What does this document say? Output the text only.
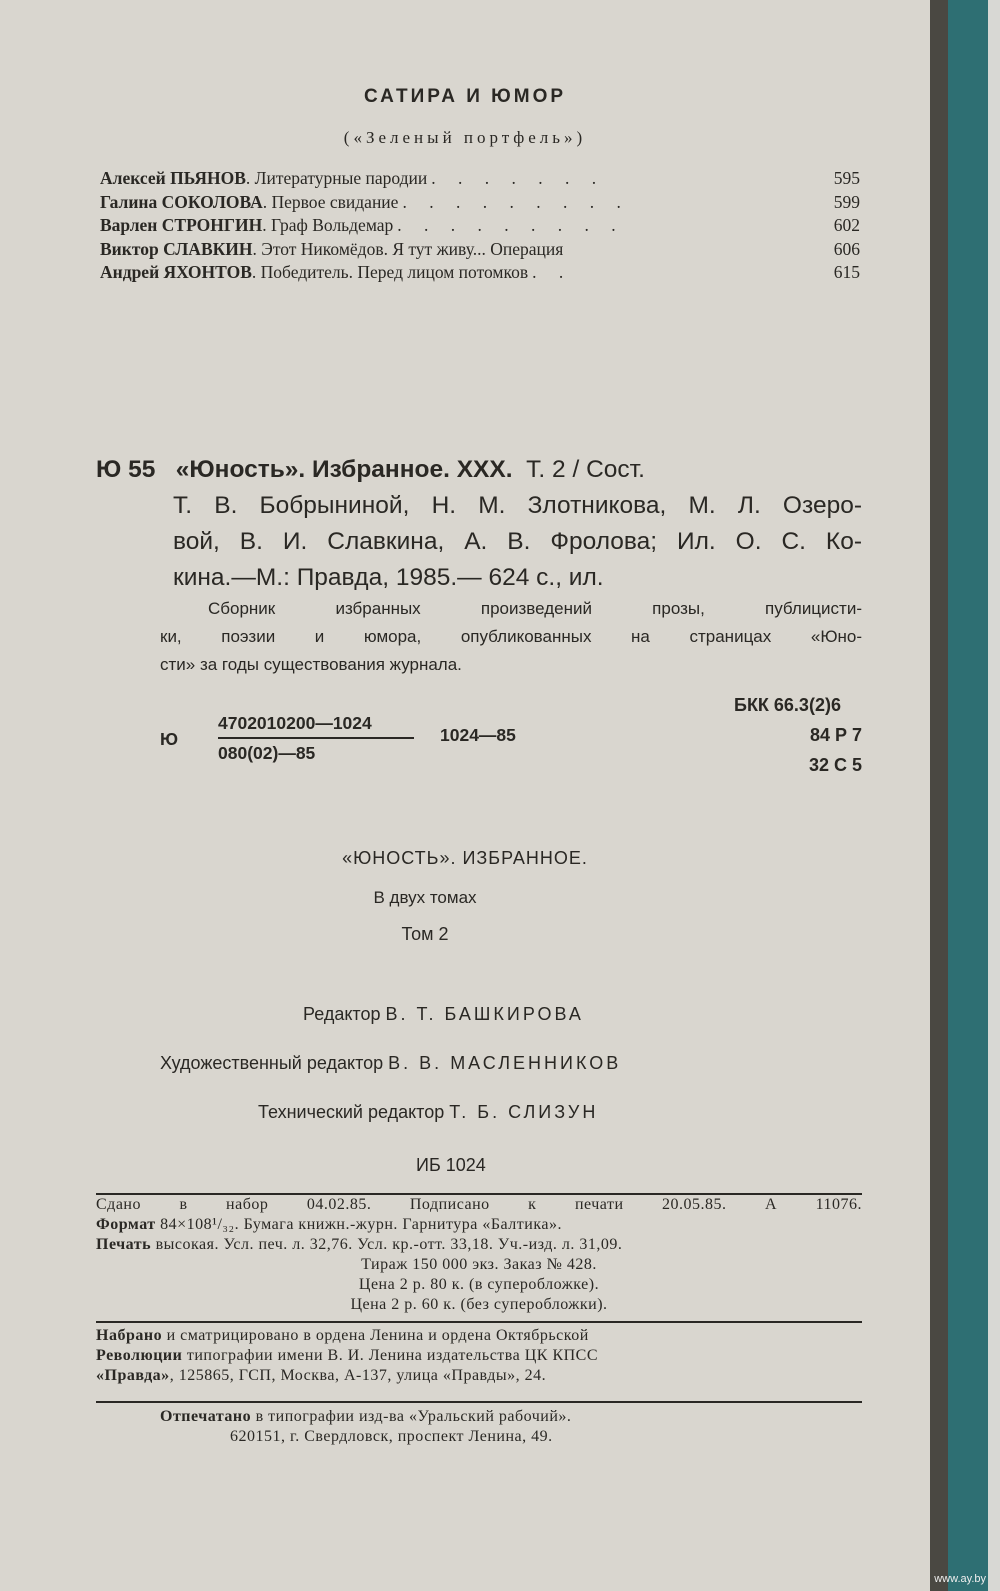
САТИРА И ЮМОР
(«Зеленый портфель»)
Алексей ПЬЯНОВ. Литературные пародии . . . . . . .	595
Галина СОКОЛОВА. Первое свидание . . . . . . . . .	599
Варлен СТРОНГИН. Граф Вольдемар . . . . . . . . .	602
Виктор СЛАВКИН. Этот Никомёдов. Я тут живу... Операция	606
Андрей ЯХОНТОВ. Победитель. Перед лицом потомков . .	615
Ю 55 «Юность». Избранное. XXX. Т. 2 / Сост.
Т. В. Бобрыниной, Н. М. Злотникова, М. Л. Озеро-
вой, В. И. Славкина, А. В. Фролова; Ил. О. С. Ко-
кина.—М.: Правда, 1985.— 624 с., ил.
Сборник избранных произведений прозы, публицисти-
ки, поэзии и юмора, опубликованных на страницах «Юно-
сти» за годы существования журнала.
Ю
4702010200—1024
080(02)—85
1024—85
БКК 66.3(2)6
84 Р 7
32 С 5
«ЮНОСТЬ». ИЗБРАННОЕ.
В двух томах
Том 2
Редактор В. Т. БАШКИРОВА
Художественный редактор В. В. МАСЛЕННИКОВ
Технический редактор Т. Б. СЛИЗУН
ИБ 1024
Сдано в набор 04.02.85. Подписано к печати 20.05.85. А 11076.
Формат 84×108¹/₃₂. Бумага книжн.-журн. Гарнитура «Балтика».
Печать высокая. Усл. печ. л. 32,76. Усл. кр.-отт. 33,18. Уч.-изд. л. 31,09.
Тираж 150 000 экз. Заказ № 428.
Цена 2 р. 80 к. (в суперобложке).
Цена 2 р. 60 к. (без суперобложки).
Набрано и сматрицировано в ордена Ленина и ордена Октябрьской
Революции типографии имени В. И. Ленина издательства ЦК КПСС
«Правда», 125865, ГСП, Москва, А-137, улица «Правды», 24.
Отпечатано в типографии изд-ва «Уральский рабочий».
620151, г. Свердловск, проспект Ленина, 49.
www.ay.by
